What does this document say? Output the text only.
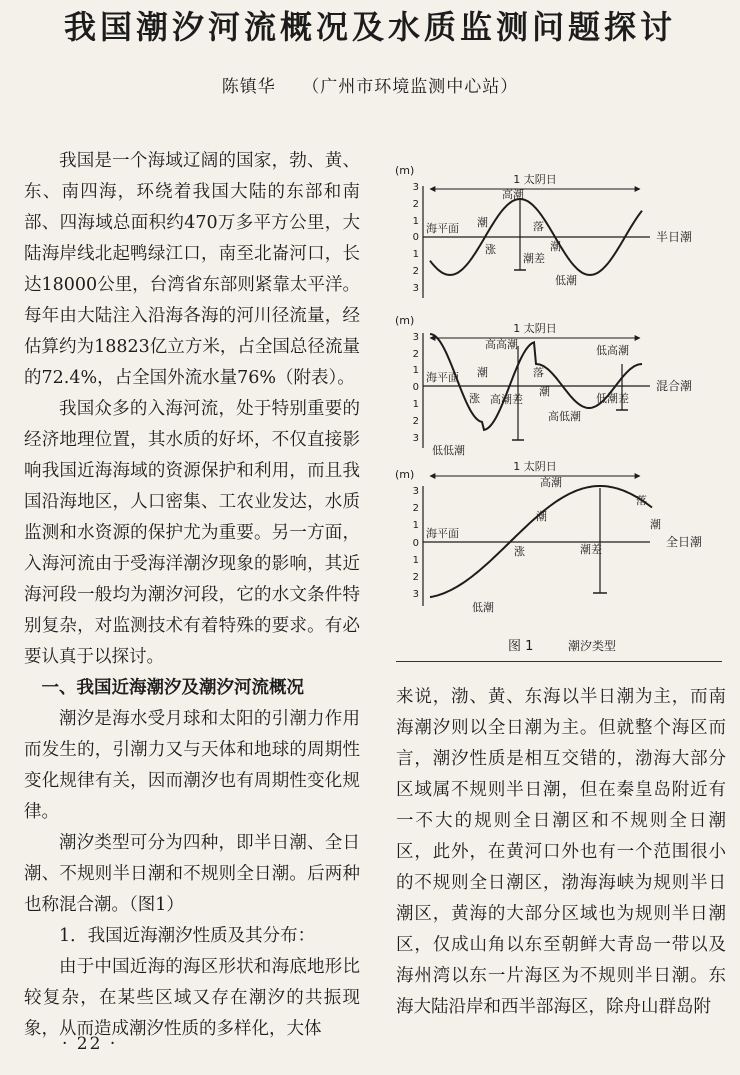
我国潮汐河流概况及水质监测问题探讨
陈镇华 （广州市环境监测中心站）

我国是一个海域辽阔的国家，勃、黄、东、南四海，环绕着我国大陆的东部和南部、四海域总面积约470万多平方公里，大陆海岸线北起鸭绿江口，南至北崙河口，长达18000公里，台湾省东部则紧靠太平洋。每年由大陆注入沿海各海的河川径流量，经估算约为18823亿立方米，占全国总径流量的72.4%，占全国外流水量76%（附表）。

我国众多的入海河流，处于特别重要的经济地理位置，其水质的好坏，不仅直接影响我国近海海域的资源保护和利用，而且我国沿海地区，人口密集、工农业发达，水质监测和水资源的保护尤为重要。另一方面，入海河流由于受海洋潮汐现象的影响，其近海河段一般均为潮汐河段，它的水文条件特别复杂，对监测技术有着特殊的要求。有必要认真于以探讨。

一、我国近海潮汐及潮汐河流概况

潮汐是海水受月球和太阳的引潮力作用而发生的，引潮力又与天体和地球的周期性变化规律有关，因而潮汐也有周期性变化规律。

潮汐类型可分为四种，即半日潮、全日潮、不规则半日潮和不规则全日潮。后两种也称混合潮。（图1）

1．我国近海潮汐性质及其分布：

由于中国近海的海区形状和海底地形比较复杂，在某些区域又存在潮汐的共振现象，从而造成潮汐性质的多样化，大体

(m)
3
2
1
0
1
2
3
1 太阴日
海平面
高潮
潮	落
涨	潮
潮差
低潮
半日潮
(m)
3
2
1
0
1
2
3
1 太阴日
海平面
高高潮	低高潮
潮	落
涨
潮
高潮差	低潮差
高低潮
低低潮
混合潮
(m)
3
2
1
0
1
2
3
1 太阴日
海平面
高潮
潮
落
涨
潮
潮差
低潮
全日潮
图 1	潮汐类型

来说，渤、黄、东海以半日潮为主，而南海潮汐则以全日潮为主。但就整个海区而言，潮汐性质是相互交错的，渤海大部分区域属不规则半日潮，但在秦皇岛附近有一不大的规则全日潮区和不规则全日潮区，此外，在黄河口外也有一个范围很小的不规则全日潮区，渤海海峡为规则半日潮区，黄海的大部分区域也为规则半日潮区，仅成山角以东至朝鲜大青岛一带以及海州湾以东一片海区为不规则半日潮。东海大陆沿岸和西半部海区，除舟山群岛附

· 22 ·
